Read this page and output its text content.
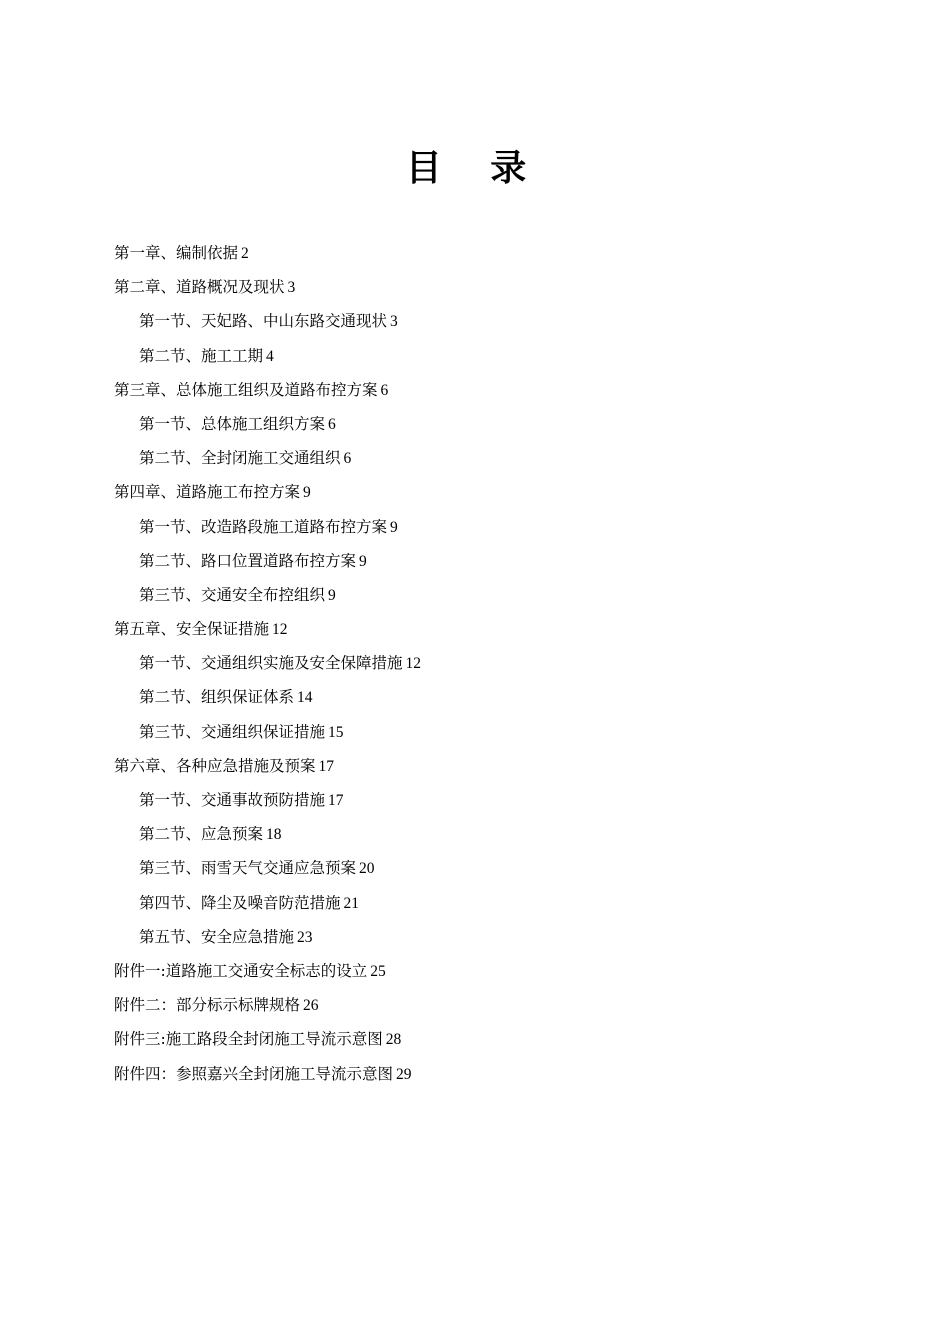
目 录
第一章、编制依据 2
第二章、道路概况及现状 3
第一节、天妃路、中山东路交通现状 3
第二节、施工工期 4
第三章、总体施工组织及道路布控方案 6
第一节、总体施工组织方案 6
第二节、全封闭施工交通组织 6
第四章、道路施工布控方案 9
第一节、改造路段施工道路布控方案 9
第二节、路口位置道路布控方案 9
第三节、交通安全布控组织 9
第五章、安全保证措施 12
第一节、交通组织实施及安全保障措施 12
第二节、组织保证体系 14
第三节、交通组织保证措施 15
第六章、各种应急措施及预案 17
第一节、交通事故预防措施 17
第二节、应急预案 18
第三节、雨雪天气交通应急预案 20
第四节、降尘及噪音防范措施 21
第五节、安全应急措施 23
附件一:道路施工交通安全标志的设立 25
附件二：部分标示标牌规格 26
附件三:施工路段全封闭施工导流示意图 28
附件四：参照嘉兴全封闭施工导流示意图 29
